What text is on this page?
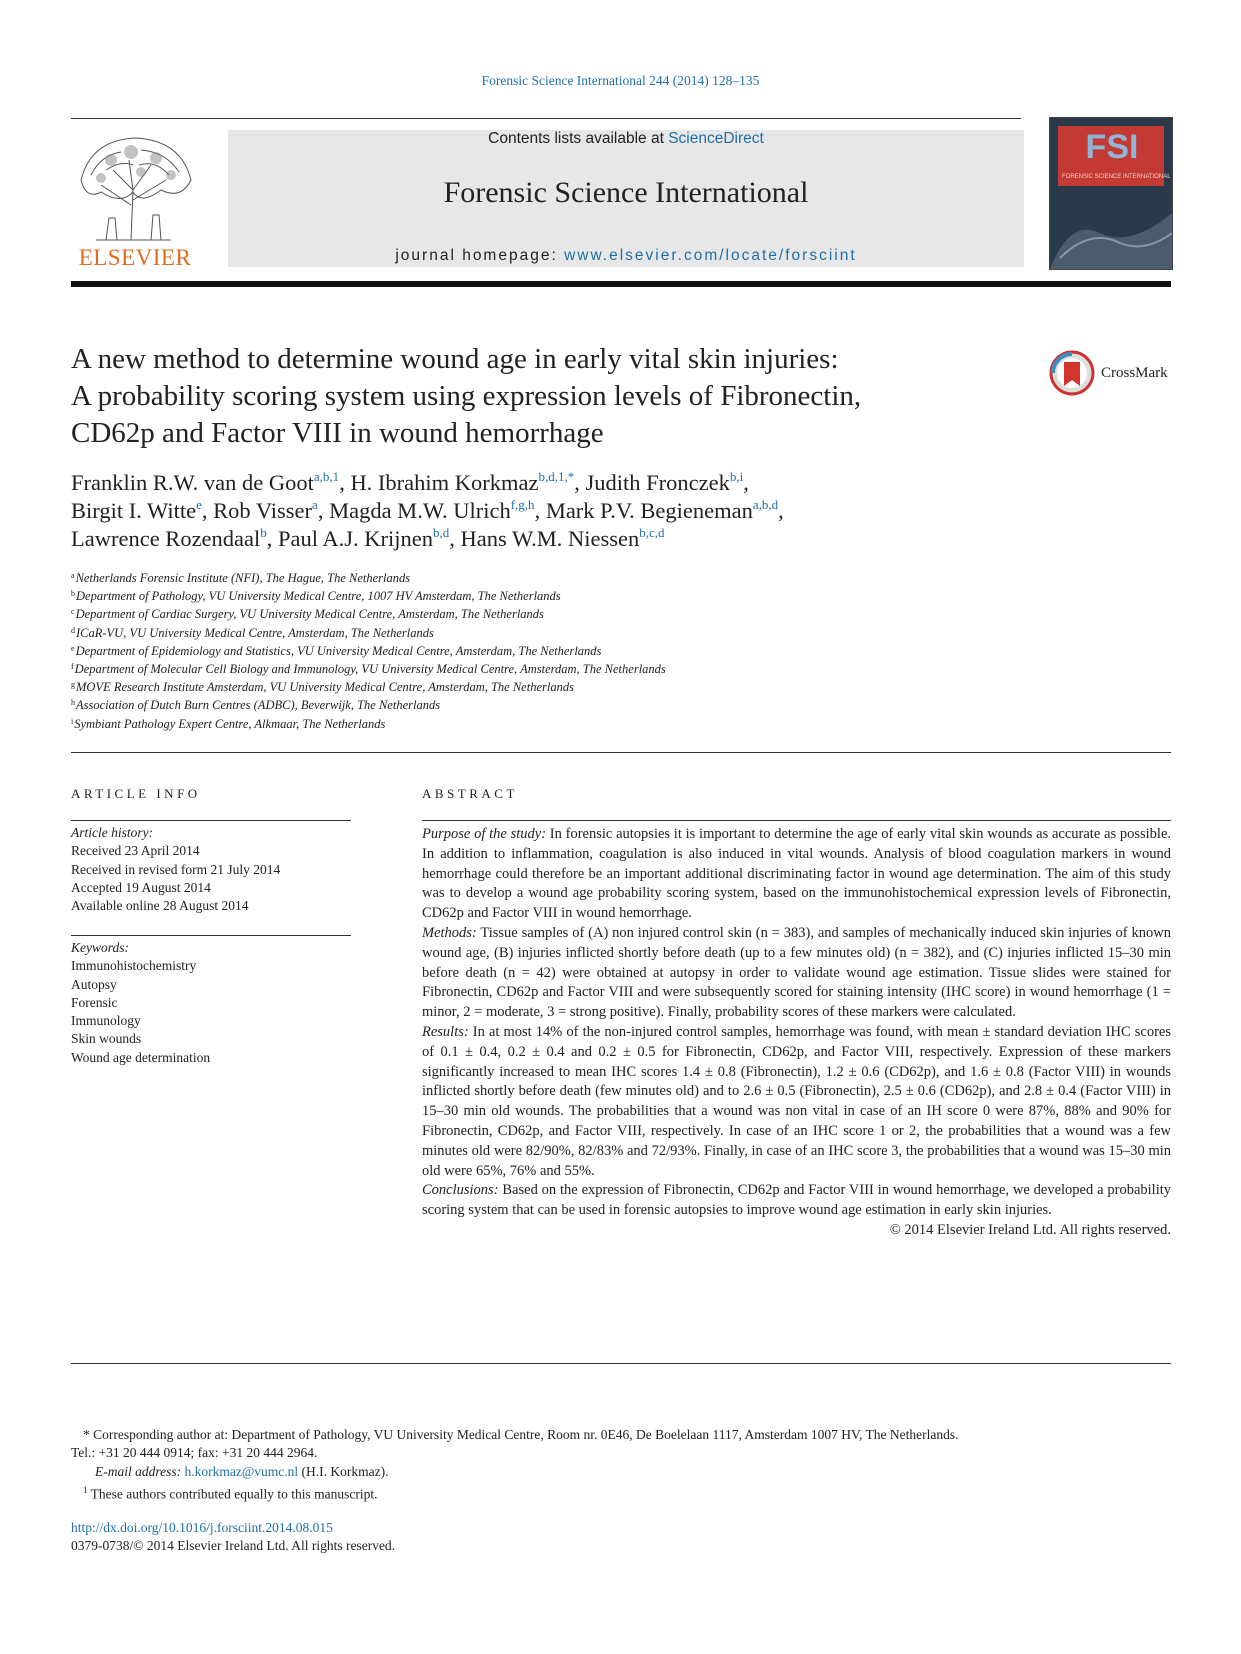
Forensic Science International 244 (2014) 128–135
ELSEVIER
Contents lists available at ScienceDirect
Forensic Science International
journal homepage: www.elsevier.com/locate/forsciint
FSI
FORENSIC SCIENCE INTERNATIONAL
A new method to determine wound age in early vital skin injuries:
A probability scoring system using expression levels of Fibronectin,
CD62p and Factor VIII in wound hemorrhage
CrossMark
Franklin R.W. van de Goot$^{a,b,1}$, H. Ibrahim Korkmaz$^{b,d,1,*}$, Judith Fronczek$^{b,i}$,
Birgit I. Witte$^e$, Rob Visser$^a$, Magda M.W. Ulrich$^{f,g,h}$, Mark P.V. Begieneman$^{a,b,d}$,
Lawrence Rozendaal$^b$, Paul A.J. Krijnen$^{b,d}$, Hans W.M. Niessen$^{b,c,d}$
$^a$Netherlands Forensic Institute (NFI), The Hague, The Netherlands
$^b$Department of Pathology, VU University Medical Centre, 1007 HV Amsterdam, The Netherlands
$^c$Department of Cardiac Surgery, VU University Medical Centre, Amsterdam, The Netherlands
$^d$ICaR-VU, VU University Medical Centre, Amsterdam, The Netherlands
$^e$Department of Epidemiology and Statistics, VU University Medical Centre, Amsterdam, The Netherlands
$^f$Department of Molecular Cell Biology and Immunology, VU University Medical Centre, Amsterdam, The Netherlands
$^g$MOVE Research Institute Amsterdam, VU University Medical Centre, Amsterdam, The Netherlands
$^h$Association of Dutch Burn Centres (ADBC), Beverwijk, The Netherlands
$^i$Symbiant Pathology Expert Centre, Alkmaar, The Netherlands
ARTICLE INFO
Article history:
Received 23 April 2014
Received in revised form 21 July 2014
Accepted 19 August 2014
Available online 28 August 2014
Keywords:
Immunohistochemistry
Autopsy
Forensic
Immunology
Skin wounds
Wound age determination
ABSTRACT

Purpose of the study: In forensic autopsies it is important to determine the age of early vital skin wounds as accurate as possible. In addition to inflammation, coagulation is also induced in vital wounds. Analysis of blood coagulation markers in wound hemorrhage could therefore be an important additional discriminating factor in wound age determination. The aim of this study was to develop a wound age probability scoring system, based on the immunohistochemical expression levels of Fibronectin, CD62p and Factor VIII in wound hemorrhage.

Methods: Tissue samples of (A) non injured control skin (n = 383), and samples of mechanically induced skin injuries of known wound age, (B) injuries inflicted shortly before death (up to a few minutes old) (n = 382), and (C) injuries inflicted 15–30 min before death (n = 42) were obtained at autopsy in order to validate wound age estimation. Tissue slides were stained for Fibronectin, CD62p and Factor VIII and were subsequently scored for staining intensity (IHC score) in wound hemorrhage (1 = minor, 2 = moderate, 3 = strong positive). Finally, probability scores of these markers were calculated.

Results: In at most 14% of the non-injured control samples, hemorrhage was found, with mean ± standard deviation IHC scores of 0.1 ± 0.4, 0.2 ± 0.4 and 0.2 ± 0.5 for Fibronectin, CD62p, and Factor VIII, respectively. Expression of these markers significantly increased to mean IHC scores 1.4 ± 0.8 (Fibronectin), 1.2 ± 0.6 (CD62p), and 1.6 ± 0.8 (Factor VIII) in wounds inflicted shortly before death (few minutes old) and to 2.6 ± 0.5 (Fibronectin), 2.5 ± 0.6 (CD62p), and 2.8 ± 0.4 (Factor VIII) in 15–30 min old wounds. The probabilities that a wound was non vital in case of an IH score 0 were 87%, 88% and 90% for Fibronectin, CD62p, and Factor VIII, respectively. In case of an IHC score 1 or 2, the probabilities that a wound was a few minutes old were 82/90%, 82/83% and 72/93%. Finally, in case of an IHC score 3, the probabilities that a wound was 15–30 min old were 65%, 76% and 55%.

Conclusions: Based on the expression of Fibronectin, CD62p and Factor VIII in wound hemorrhage, we developed a probability scoring system that can be used in forensic autopsies to improve wound age estimation in early skin injuries.

© 2014 Elsevier Ireland Ltd. All rights reserved.

* Corresponding author at: Department of Pathology, VU University Medical Centre, Room nr. 0E46, De Boelelaan 1117, Amsterdam 1007 HV, The Netherlands.
Tel.: +31 20 444 0914; fax: +31 20 444 2964.
E-mail address: h.korkmaz@vumc.nl (H.I. Korkmaz).
$^1$ These authors contributed equally to this manuscript.
http://dx.doi.org/10.1016/j.forsciint.2014.08.015
0379-0738/© 2014 Elsevier Ireland Ltd. All rights reserved.
